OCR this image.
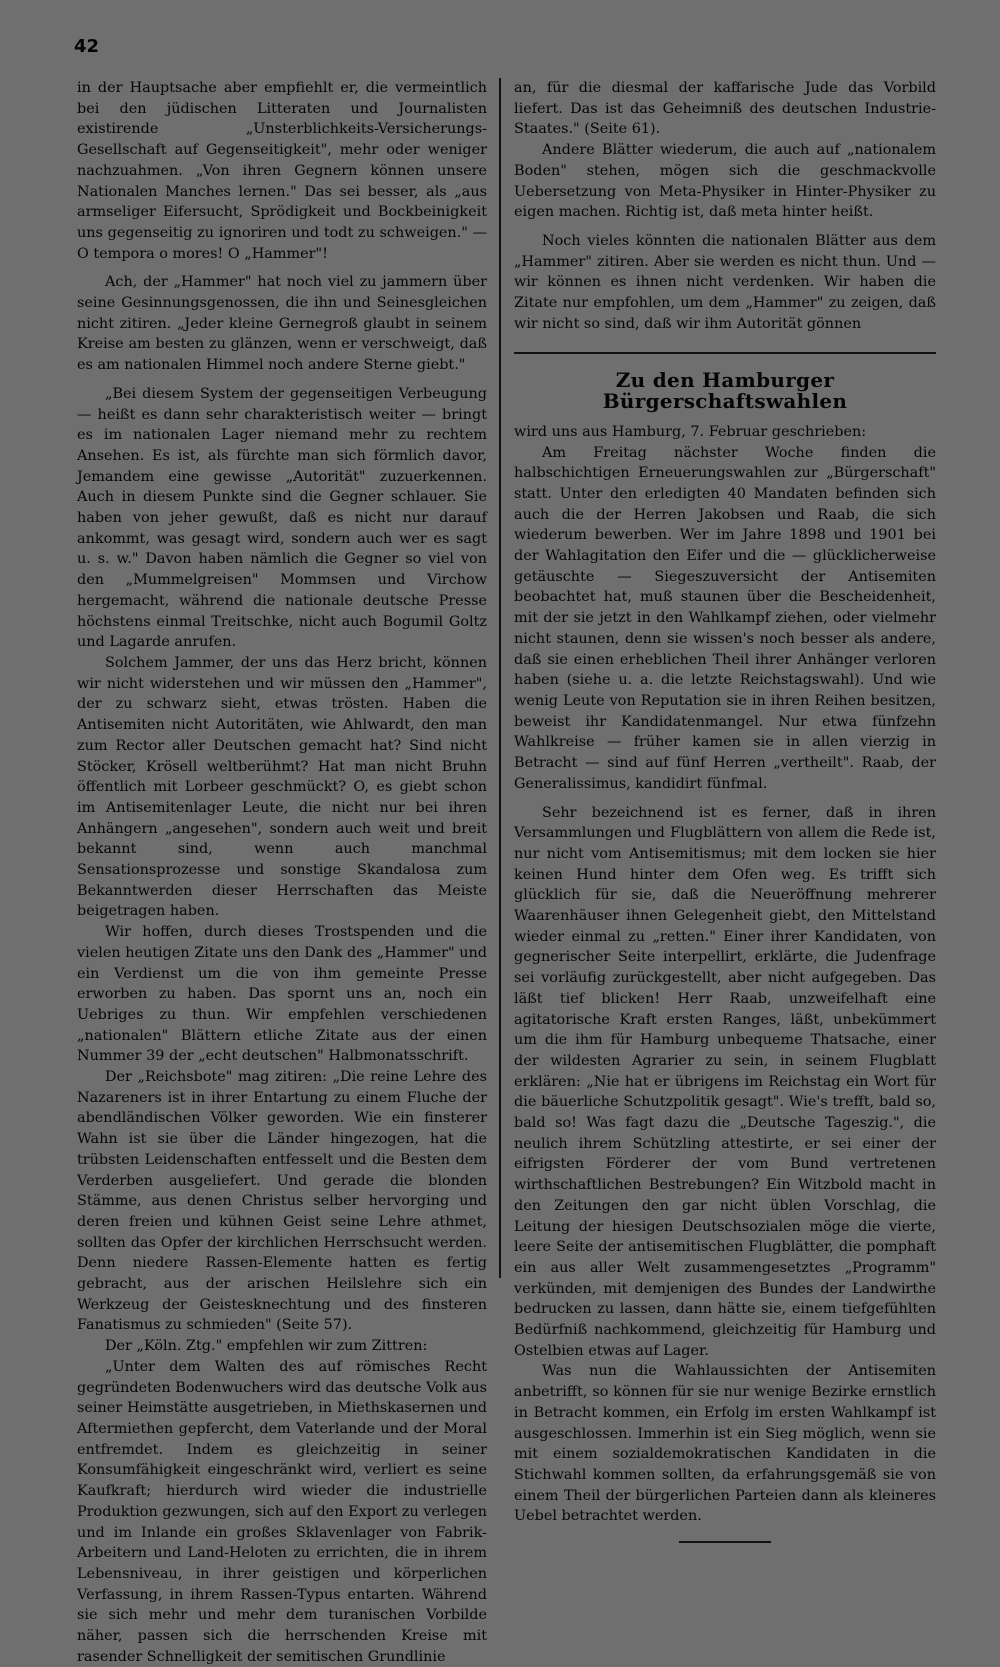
42

in der Hauptsache aber empfiehlt er, die vermeintlich bei den jüdischen Litteraten und Journalisten existirende „Unsterblichkeits-Versicherungs-Gesellschaft auf Gegenseitigkeit", mehr oder weniger nachzuahmen. „Von ihren Gegnern können unsere Nationalen Manches lernen." Das sei besser, als „aus armseliger Eifersucht, Sprödigkeit und Bockbeinigkeit uns gegenseitig zu ignoriren und todt zu schweigen." — O tempora o mores! O „Hammer"!

Ach, der „Hammer" hat noch viel zu jammern über seine Gesinnungsgenossen, die ihn und Seinesgleichen nicht zitiren. „Jeder kleine Gernegroß glaubt in seinem Kreise am besten zu glänzen, wenn er verschweigt, daß es am nationalen Himmel noch andere Sterne giebt."

„Bei diesem System der gegenseitigen Verbeugung — heißt es dann sehr charakteristisch weiter — bringt es im nationalen Lager niemand mehr zu rechtem Ansehen. Es ist, als fürchte man sich förmlich davor, Jemandem eine gewisse „Autorität" zuzuerkennen. Auch in diesem Punkte sind die Gegner schlauer. Sie haben von jeher gewußt, daß es nicht nur darauf ankommt, was gesagt wird, sondern auch wer es sagt u. s. w." Davon haben nämlich die Gegner so viel von den „Mummelgreisen" Mommsen und Virchow hergemacht, während die nationale deutsche Presse höchstens einmal Treitschke, nicht auch Bogumil Goltz und Lagarde anrufen.

Solchem Jammer, der uns das Herz bricht, können wir nicht widerstehen und wir müssen den „Hammer", der zu schwarz sieht, etwas trösten. Haben die Antisemiten nicht Autoritäten, wie Ahlwardt, den man zum Rector aller Deutschen gemacht hat? Sind nicht Stöcker, Krösell weltberühmt? Hat man nicht Bruhn öffentlich mit Lorbeer geschmückt? O, es giebt schon im Antisemitenlager Leute, die nicht nur bei ihren Anhängern „angesehen", sondern auch weit und breit bekannt sind, wenn auch manchmal Sensationsprozesse und sonstige Skandalosa zum Bekanntwerden dieser Herrschaften das Meiste beigetragen haben.

Wir hoffen, durch dieses Trostspenden und die vielen heutigen Zitate uns den Dank des „Hammer" und ein Verdienst um die von ihm gemeinte Presse erworben zu haben. Das spornt uns an, noch ein Uebriges zu thun. Wir empfehlen verschiedenen „nationalen" Blättern etliche Zitate aus der einen Nummer 39 der „echt deutschen" Halbmonatsschrift.

Der „Reichsbote" mag zitiren: „Die reine Lehre des Nazareners ist in ihrer Entartung zu einem Fluche der abendländischen Völker geworden. Wie ein finsterer Wahn ist sie über die Länder hingezogen, hat die trübsten Leidenschaften entfesselt und die Besten dem Verderben ausgeliefert. Und gerade die blonden Stämme, aus denen Christus selber hervorging und deren freien und kühnen Geist seine Lehre athmet, sollten das Opfer der kirchlichen Herrschsucht werden. Denn niedere Rassen-Elemente hatten es fertig gebracht, aus der arischen Heilslehre sich ein Werkzeug der Geistesknechtung und des finsteren Fanatismus zu schmieden" (Seite 57).

Der „Köln. Ztg." empfehlen wir zum Zittren:

„Unter dem Walten des auf römisches Recht gegründeten Bodenwuchers wird das deutsche Volk aus seiner Heimstätte ausgetrieben, in Miethskasernen und Aftermiethen gepfercht, dem Vaterlande und der Moral entfremdet. Indem es gleichzeitig in seiner Konsumfähigkeit eingeschränkt wird, verliert es seine Kaufkraft; hierdurch wird wieder die industrielle Produktion gezwungen, sich auf den Export zu verlegen und im Inlande ein großes Sklavenlager von Fabrik-Arbeitern und Land-Heloten zu errichten, die in ihrem Lebensniveau, in ihrer geistigen und körperlichen Verfassung, in ihrem Rassen-Typus entarten. Während sie sich mehr und mehr dem turanischen Vorbilde näher, passen sich die herrschenden Kreise mit rasender Schnelligkeit der semitischen Grundlinie

an, für die diesmal der kaffarische Jude das Vorbild liefert. Das ist das Geheimniß des deutschen Industrie-Staates." (Seite 61).

Andere Blätter wiederum, die auch auf „nationalem Boden" stehen, mögen sich die geschmackvolle Uebersetzung von Meta-Physiker in Hinter-Physiker zu eigen machen. Richtig ist, daß meta hinter heißt.

Noch vieles könnten die nationalen Blätter aus dem „Hammer" zitiren. Aber sie werden es nicht thun. Und — wir können es ihnen nicht verdenken. Wir haben die Zitate nur empfohlen, um dem „Hammer" zu zeigen, daß wir nicht so sind, daß wir ihm Autorität gönnen

Zu den Hamburger Bürgerschaftswahlen

wird uns aus Hamburg, 7. Februar geschrieben:

Am Freitag nächster Woche finden die halbschichtigen Erneuerungswahlen zur „Bürgerschaft" statt. Unter den erledigten 40 Mandaten befinden sich auch die der Herren Jakobsen und Raab, die sich wiederum bewerben. Wer im Jahre 1898 und 1901 bei der Wahlagitation den Eifer und die — glücklicherweise getäuschte — Siegeszuversicht der Antisemiten beobachtet hat, muß staunen über die Bescheidenheit, mit der sie jetzt in den Wahlkampf ziehen, oder vielmehr nicht staunen, denn sie wissen's noch besser als andere, daß sie einen erheblichen Theil ihrer Anhänger verloren haben (siehe u. a. die letzte Reichstagswahl). Und wie wenig Leute von Reputation sie in ihren Reihen besitzen, beweist ihr Kandidatenmangel. Nur etwa fünfzehn Wahlkreise — früher kamen sie in allen vierzig in Betracht — sind auf fünf Herren „vertheilt". Raab, der Generalissimus, kandidirt fünfmal.

Sehr bezeichnend ist es ferner, daß in ihren Versammlungen und Flugblättern von allem die Rede ist, nur nicht vom Antisemitismus; mit dem locken sie hier keinen Hund hinter dem Ofen weg. Es trifft sich glücklich für sie, daß die Neueröffnung mehrerer Waarenhäuser ihnen Gelegenheit giebt, den Mittelstand wieder einmal zu „retten." Einer ihrer Kandidaten, von gegnerischer Seite interpellirt, erklärte, die Judenfrage sei vorläufig zurückgestellt, aber nicht aufgegeben. Das läßt tief blicken! Herr Raab, unzweifelhaft eine agitatorische Kraft ersten Ranges, läßt, unbekümmert um die ihm für Hamburg unbequeme Thatsache, einer der wildesten Agrarier zu sein, in seinem Flugblatt erklären: „Nie hat er übrigens im Reichstag ein Wort für die bäuerliche Schutzpolitik gesagt". Wie's trefft, bald so, bald so! Was fagt dazu die „Deutsche Tageszig.", die neulich ihrem Schützling attestirte, er sei einer der eifrigsten Förderer der vom Bund vertretenen wirthschaftlichen Bestrebungen? Ein Witzbold macht in den Zeitungen den gar nicht üblen Vorschlag, die Leitung der hiesigen Deutschsozialen möge die vierte, leere Seite der antisemitischen Flugblätter, die pomphaft ein aus aller Welt zusammengesetztes „Programm" verkünden, mit demjenigen des Bundes der Landwirthe bedrucken zu lassen, dann hätte sie, einem tiefgefühlten Bedürfniß nachkommend, gleichzeitig für Hamburg und Ostelbien etwas auf Lager.

Was nun die Wahlaussichten der Antisemiten anbetrifft, so können für sie nur wenige Bezirke ernstlich in Betracht kommen, ein Erfolg im ersten Wahlkampf ist ausgeschlossen. Immerhin ist ein Sieg möglich, wenn sie mit einem sozialdemokratischen Kandidaten in die Stichwahl kommen sollten, da erfahrungsgemäß sie von einem Theil der bürgerlichen Parteien dann als kleineres Uebel betrachtet werden.
